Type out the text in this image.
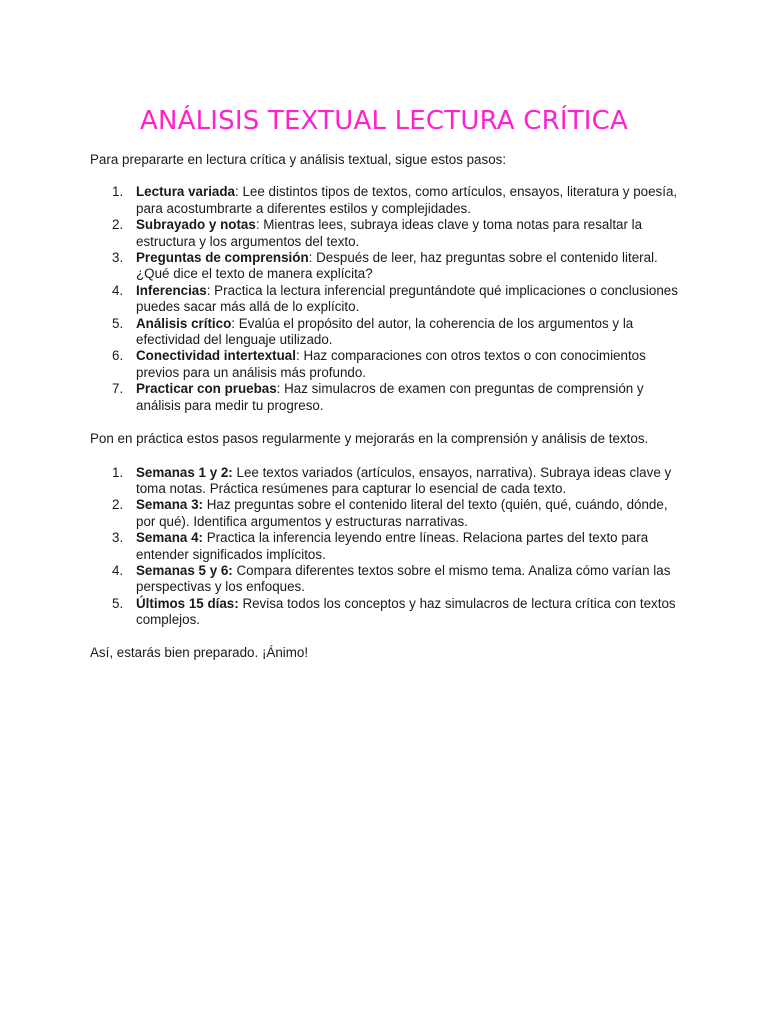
ANÁLISIS TEXTUAL LECTURA CRÍTICA

Para prepararte en lectura crítica y análisis textual, sigue estos pasos:

1. Lectura variada: Lee distintos tipos de textos, como artículos, ensayos, literatura y poesía, para acostumbrarte a diferentes estilos y complejidades.
2. Subrayado y notas: Mientras lees, subraya ideas clave y toma notas para resaltar la estructura y los argumentos del texto.
3. Preguntas de comprensión: Después de leer, haz preguntas sobre el contenido literal. ¿Qué dice el texto de manera explícita?
4. Inferencias: Practica la lectura inferencial preguntándote qué implicaciones o conclusiones puedes sacar más allá de lo explícito.
5. Análisis crítico: Evalúa el propósito del autor, la coherencia de los argumentos y la efectividad del lenguaje utilizado.
6. Conectividad intertextual: Haz comparaciones con otros textos o con conocimientos previos para un análisis más profundo.
7. Practicar con pruebas: Haz simulacros de examen con preguntas de comprensión y análisis para medir tu progreso.

Pon en práctica estos pasos regularmente y mejorarás en la comprensión y análisis de textos.

1. Semanas 1 y 2: Lee textos variados (artículos, ensayos, narrativa). Subraya ideas clave y toma notas. Práctica resúmenes para capturar lo esencial de cada texto.
2. Semana 3: Haz preguntas sobre el contenido literal del texto (quién, qué, cuándo, dónde, por qué). Identifica argumentos y estructuras narrativas.
3. Semana 4: Practica la inferencia leyendo entre líneas. Relaciona partes del texto para entender significados implícitos.
4. Semanas 5 y 6: Compara diferentes textos sobre el mismo tema. Analiza cómo varían las perspectivas y los enfoques.
5. Últimos 15 días: Revisa todos los conceptos y haz simulacros de lectura crítica con textos complejos.

Así, estarás bien preparado. ¡Ánimo!
